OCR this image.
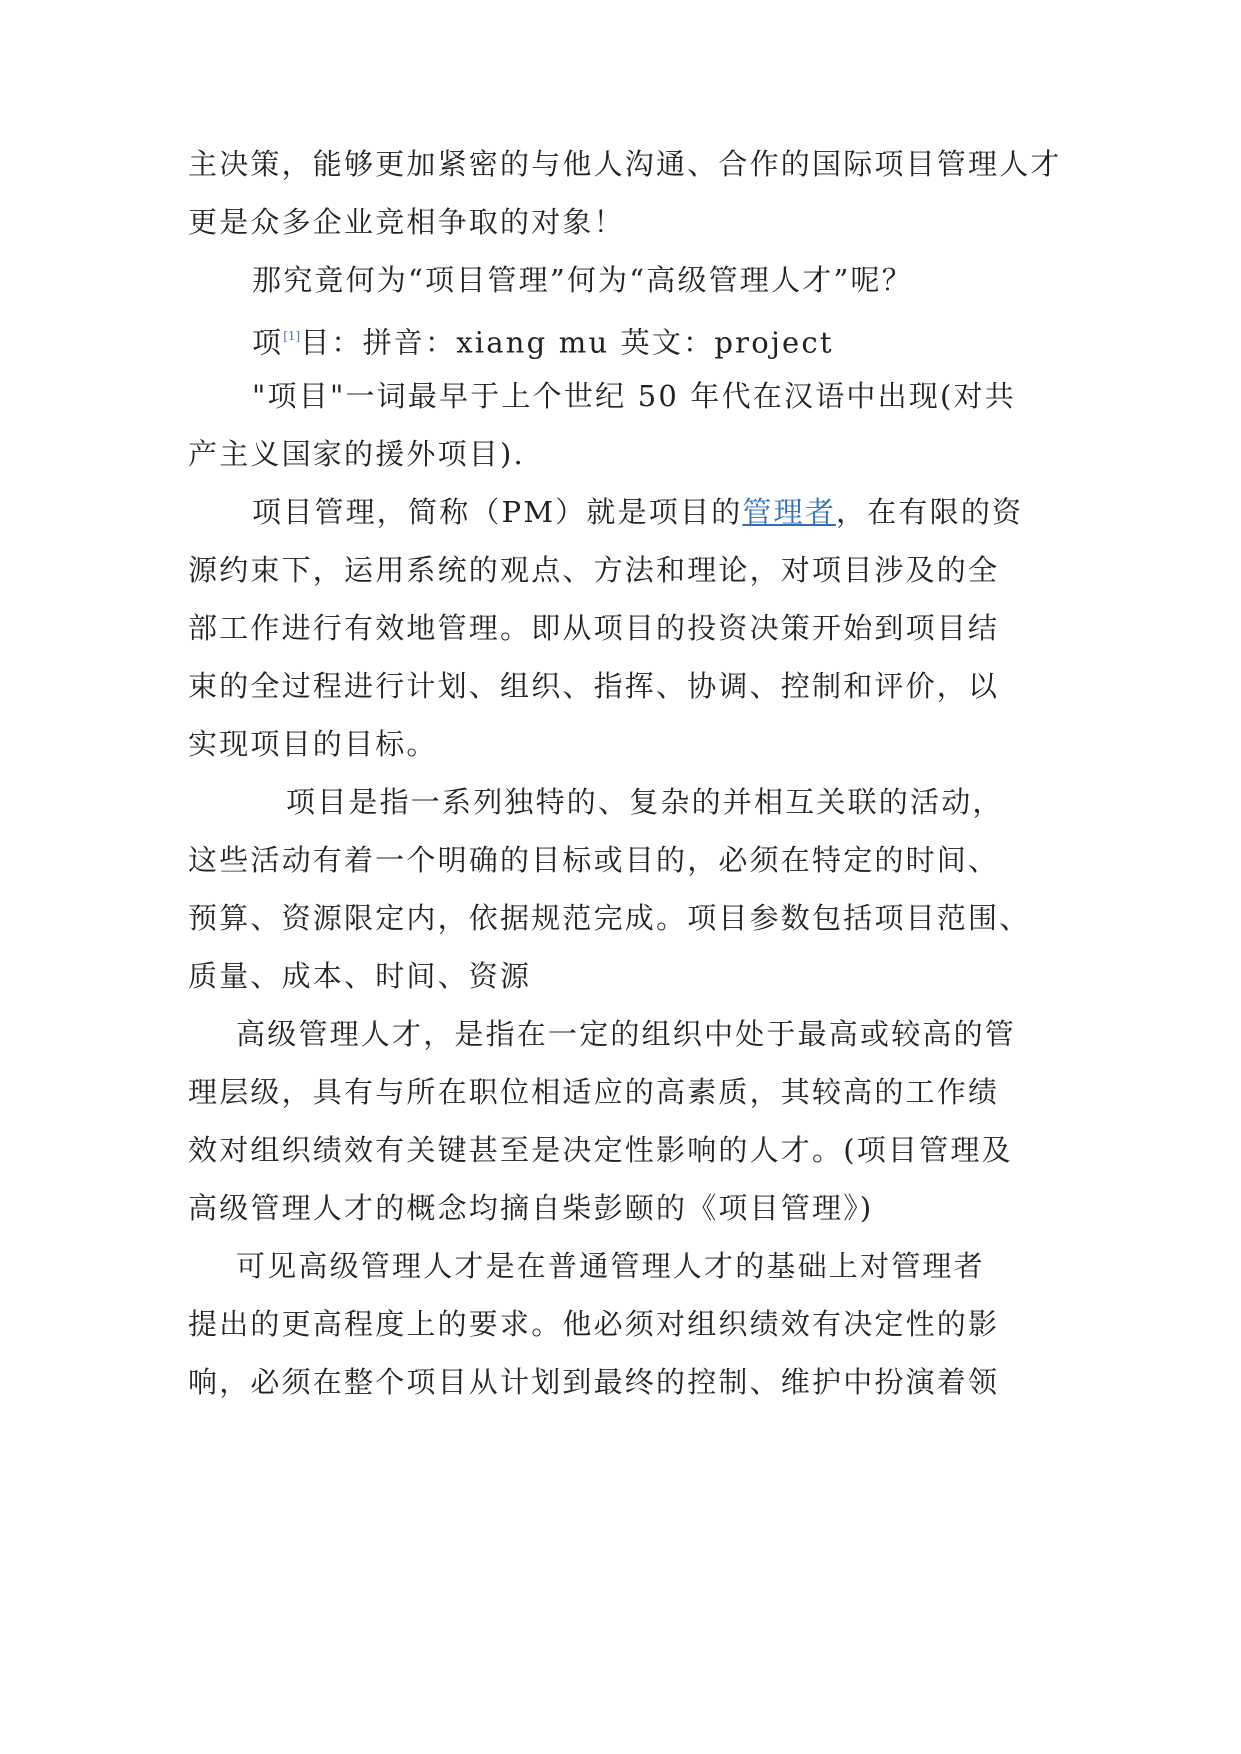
主决策，能够更加紧密的与他人沟通、合作的国际项目管理人才
更是众多企业竞相争取的对象！
那究竟何为“项目管理”何为“高级管理人才”呢？
项[1]目：拼音：xiang mu 英文：project
"项目"一词最早于上个世纪 50 年代在汉语中出现(对共
产主义国家的援外项目).
项目管理，简称（PM）就是项目的管理者，在有限的资
源约束下，运用系统的观点、方法和理论，对项目涉及的全
部工作进行有效地管理。即从项目的投资决策开始到项目结
束的全过程进行计划、组织、指挥、协调、控制和评价，以
实现项目的目标。
项目是指一系列独特的、复杂的并相互关联的活动，
这些活动有着一个明确的目标或目的，必须在特定的时间、
预算、资源限定内，依据规范完成。项目参数包括项目范围、
质量、成本、时间、资源
高级管理人才，是指在一定的组织中处于最高或较高的管
理层级，具有与所在职位相适应的高素质，其较高的工作绩
效对组织绩效有关键甚至是决定性影响的人才。(项目管理及
高级管理人才的概念均摘自柴彭颐的《项目管理》)
可见高级管理人才是在普通管理人才的基础上对管理者
提出的更高程度上的要求。他必须对组织绩效有决定性的影
响，必须在整个项目从计划到最终的控制、维护中扮演着领
